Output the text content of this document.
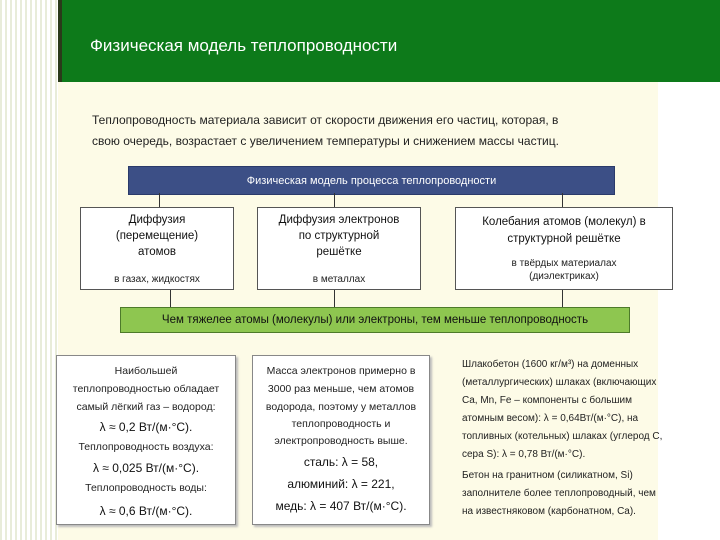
Физическая модель теплопроводности
Теплопроводность материала зависит от скорости движения его частиц, которая, в
свою очередь, возрастает с увеличением температуры и снижением массы частиц.
Физическая модель процесса теплопроводности
Диффузия
(перемещение)
атомов
в газах, жидкостях
Диффузия электронов
по структурной
решётке
в металлах
Колебания атомов (молекул) в
структурной решётке
в твёрдых материалах
(диэлектриках)
Чем тяжелее атомы (молекулы) или электроны, тем меньше теплопроводность
Наибольшей
теплопроводностью обладает
самый лёгкий газ – водород:
λ ≈ 0,2 Вт/(м·°С).
Теплопроводность воздуха:
λ ≈ 0,025 Вт/(м·°С).
Теплопроводность воды:
λ ≈ 0,6 Вт/(м·°С).
Масса электронов примерно в
3000 раз меньше, чем атомов
водорода, поэтому у металлов
теплопроводность и
электропроводность выше.
сталь: λ = 58,
алюминий: λ = 221,
медь: λ = 407 Вт/(м·°С).
Шлакобетон (1600 кг/м³) на доменных
(металлургических) шлаках (включающих
Ca, Mn, Fe – компоненты с большим
атомным весом): λ = 0,64Вт/(м·°С), на
топливных (котельных) шлаках (углерод С,
сера S): λ = 0,78 Вт/(м·°С).
Бетон на гранитном (силикатном, Si)
заполнителе более теплопроводный, чем
на известняковом (карбонатном, Ca).
